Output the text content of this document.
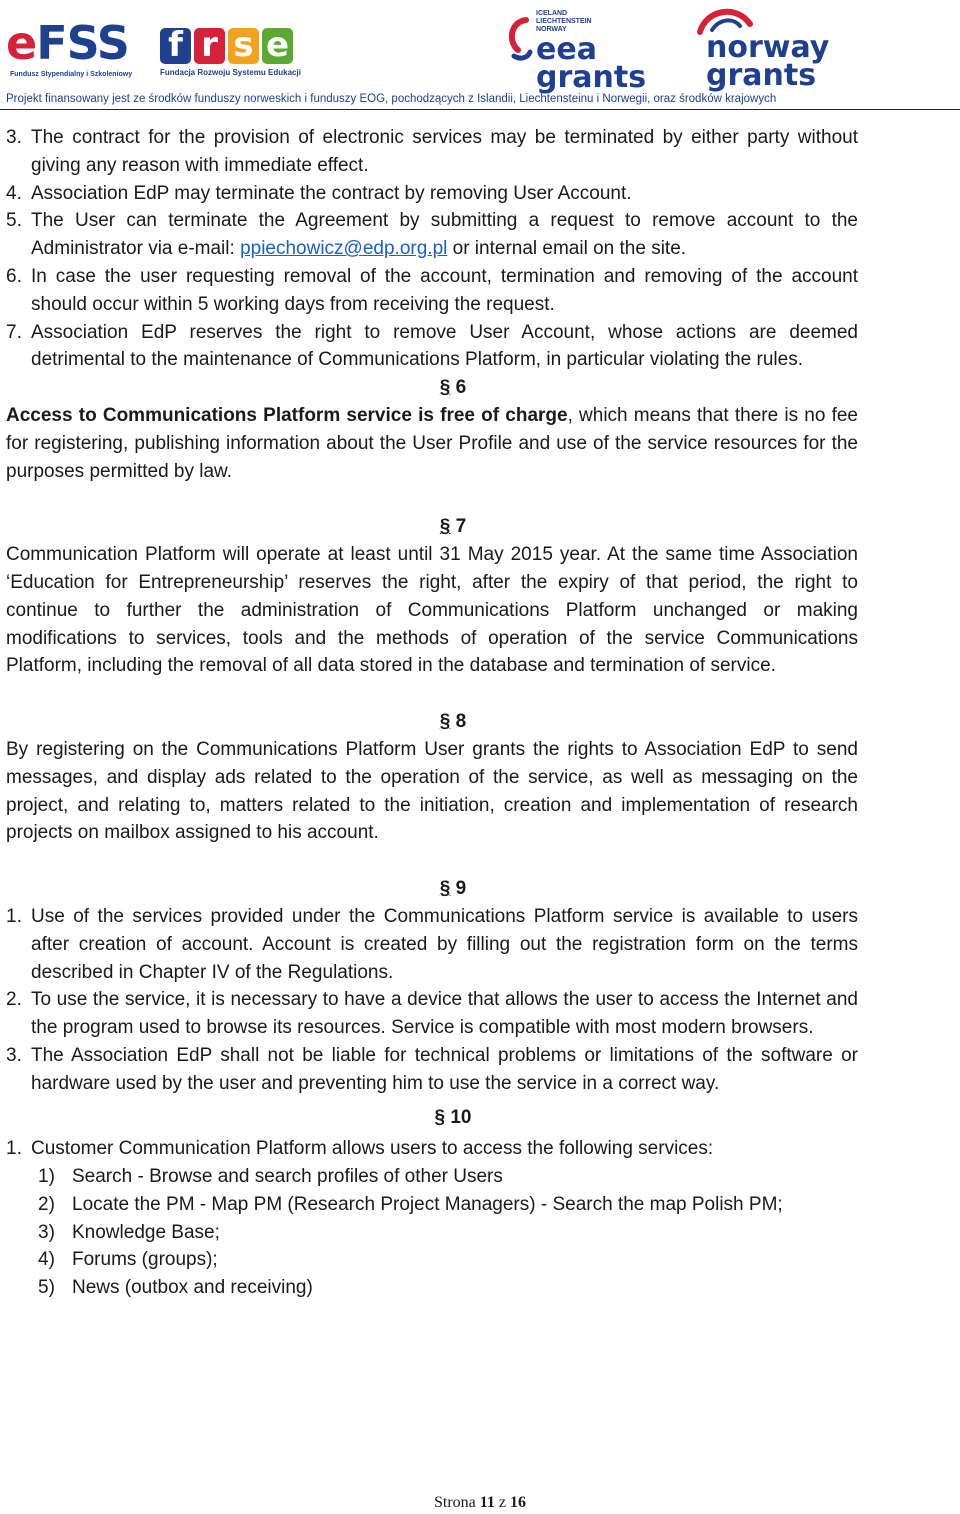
eFSS
Fundusz Stypendialny i Szkoleniowy
f r s e
Fundacja Rozwoju Systemu Edukacji
ICELAND
LIECHTENSTEIN
NORWAY
eea
grants
norway
grants
Projekt finansowany jest ze środków funduszy norweskich i funduszy EOG, pochodzących z Islandii, Liechtensteinu i Norwegii, oraz środków krajowych
3. The contract for the provision of electronic services may be terminated by either party without giving any reason with immediate effect.
4. Association EdP may terminate the contract by removing User Account.
5. The User can terminate the Agreement by submitting a request to remove account to the Administrator via e-mail: ppiechowicz@edp.org.pl or internal email on the site.
6. In case the user requesting removal of the account, termination and removing of the account should occur within 5 working days from receiving the request.
7. Association EdP reserves the right to remove User Account, whose actions are deemed detrimental to the maintenance of Communications Platform, in particular violating the rules.
§ 6

Access to Communications Platform service is free of charge, which means that there is no fee for registering, publishing information about the User Profile and use of the service resources for the purposes permitted by law.

§ 7

Communication Platform will operate at least until 31 May 2015 year. At the same time Association ‘Education for Entrepreneurship’ reserves the right, after the expiry of that period, the right to continue to further the administration of Communications Platform unchanged or making modifications to services, tools and the methods of operation of the service Communications Platform, including the removal of all data stored in the database and termination of service.

§ 8

By registering on the Communications Platform User grants the rights to Association EdP to send messages, and display ads related to the operation of the service, as well as messaging on the project, and relating to, matters related to the initiation, creation and implementation of research projects on mailbox assigned to his account.

§ 9
1. Use of the services provided under the Communications Platform service is available to users after creation of account. Account is created by filling out the registration form on the terms described in Chapter IV of the Regulations.
2. To use the service, it is necessary to have a device that allows the user to access the Internet and the program used to browse its resources. Service is compatible with most modern browsers.
3. The Association EdP shall not be liable for technical problems or limitations of the software or hardware used by the user and preventing him to use the service in a correct way.
§ 10
1. Customer Communication Platform allows users to access the following services:
1) Search - Browse and search profiles of other Users
2) Locate the PM - Map PM (Research Project Managers) - Search the map Polish PM;
3) Knowledge Base;
4) Forums (groups);
5) News (outbox and receiving)
Strona 11 z 16
